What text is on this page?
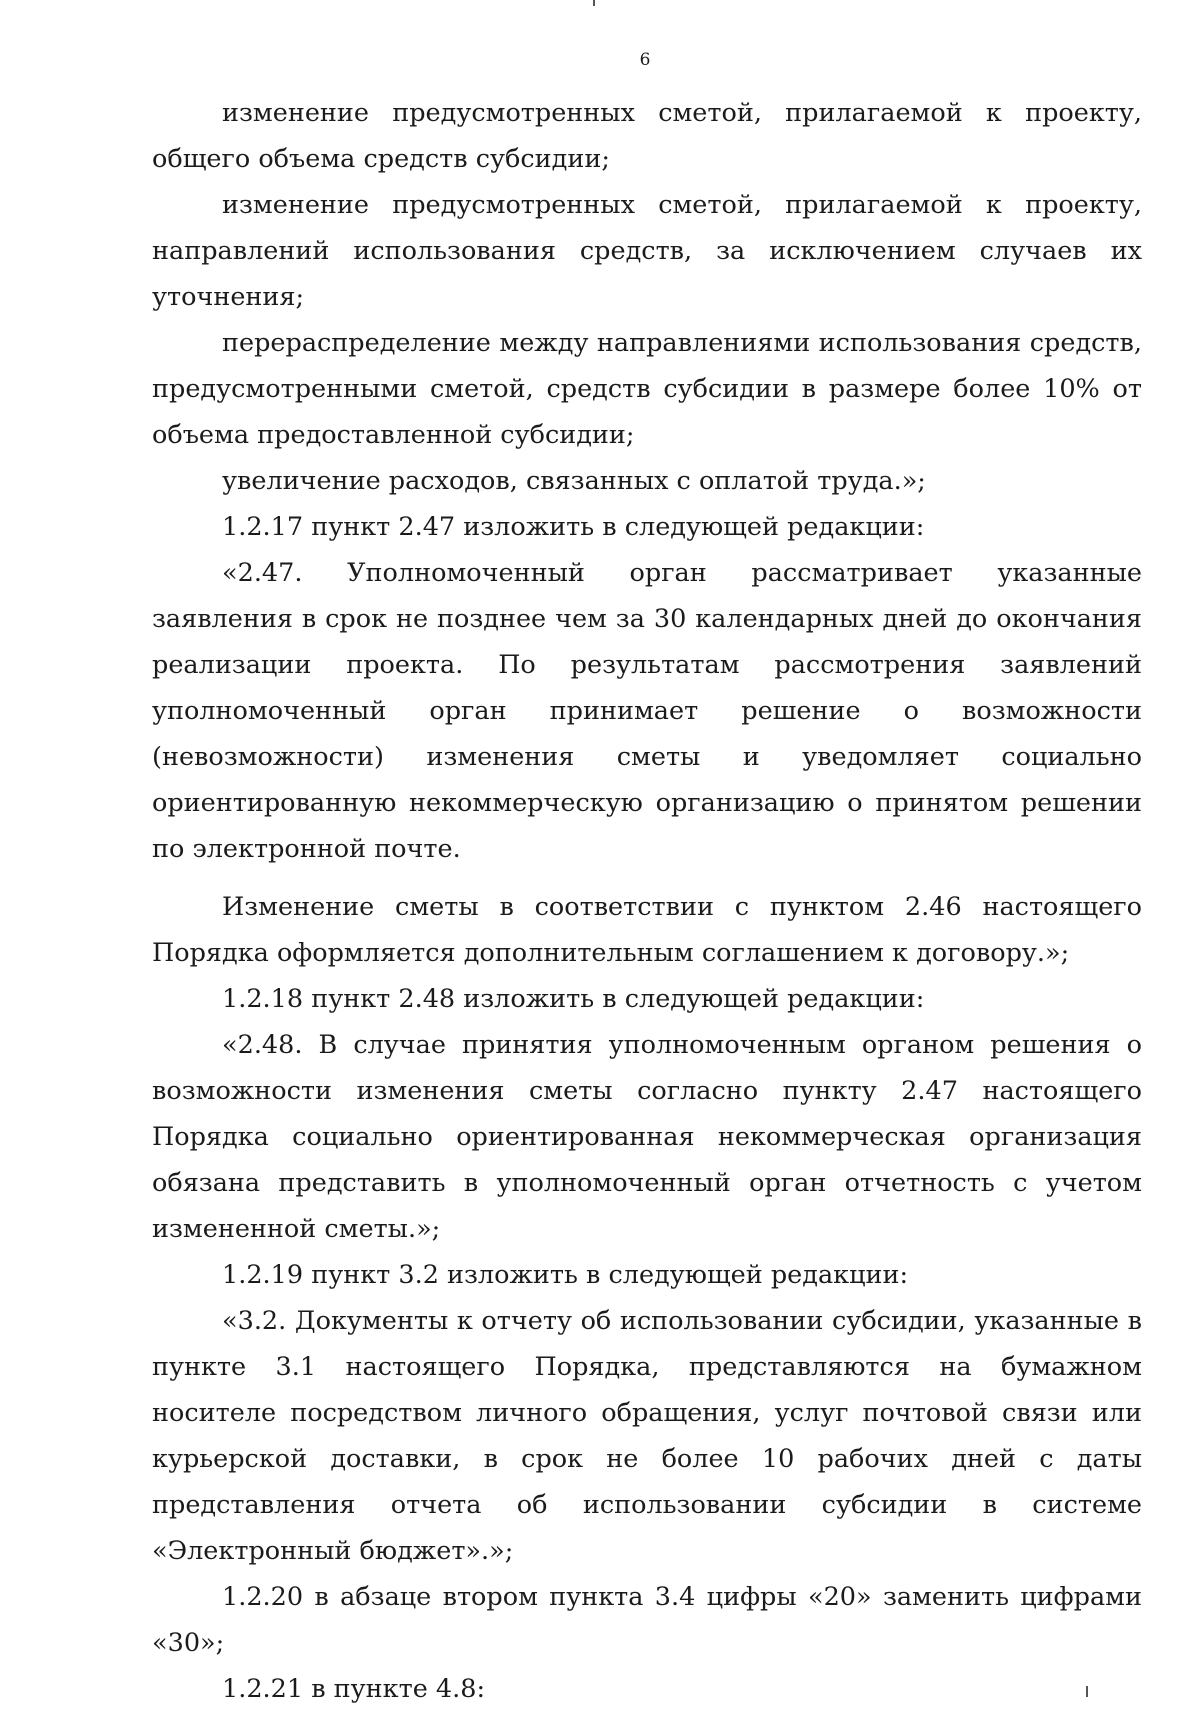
6

изменение предусмотренных сметой, прилагаемой к проекту, общего объема средств субсидии;

изменение предусмотренных сметой, прилагаемой к проекту, направлений использования средств, за исключением случаев их уточнения;

перераспределение между направлениями использования средств, предусмотренными сметой, средств субсидии в размере более 10% от объема предоставленной субсидии;

увеличение расходов, связанных с оплатой труда.»;

1.2.17 пункт 2.47 изложить в следующей редакции:

«2.47. Уполномоченный орган рассматривает указанные заявления в срок не позднее чем за 30 календарных дней до окончания реализации проекта. По результатам рассмотрения заявлений уполномоченный орган принимает решение о возможности (невозможности) изменения сметы и уведомляет социально ориентированную некоммерческую организацию о принятом решении по электронной почте.

Изменение сметы в соответствии с пунктом 2.46 настоящего Порядка оформляется дополнительным соглашением к договору.»;

1.2.18 пункт 2.48 изложить в следующей редакции:

«2.48. В случае принятия уполномоченным органом решения о возможности изменения сметы согласно пункту 2.47 настоящего Порядка социально ориентированная некоммерческая организация обязана представить в уполномоченный орган отчетность с учетом измененной сметы.»;

1.2.19 пункт 3.2 изложить в следующей редакции:

«3.2. Документы к отчету об использовании субсидии, указанные в пункте 3.1 настоящего Порядка, представляются на бумажном носителе посредством личного обращения, услуг почтовой связи или курьерской доставки, в срок не более 10 рабочих дней с даты представления отчета об использовании субсидии в системе «Электронный бюджет».»;

1.2.20 в абзаце втором пункта 3.4 цифры «20» заменить цифрами «30»;

1.2.21 в пункте 4.8:
